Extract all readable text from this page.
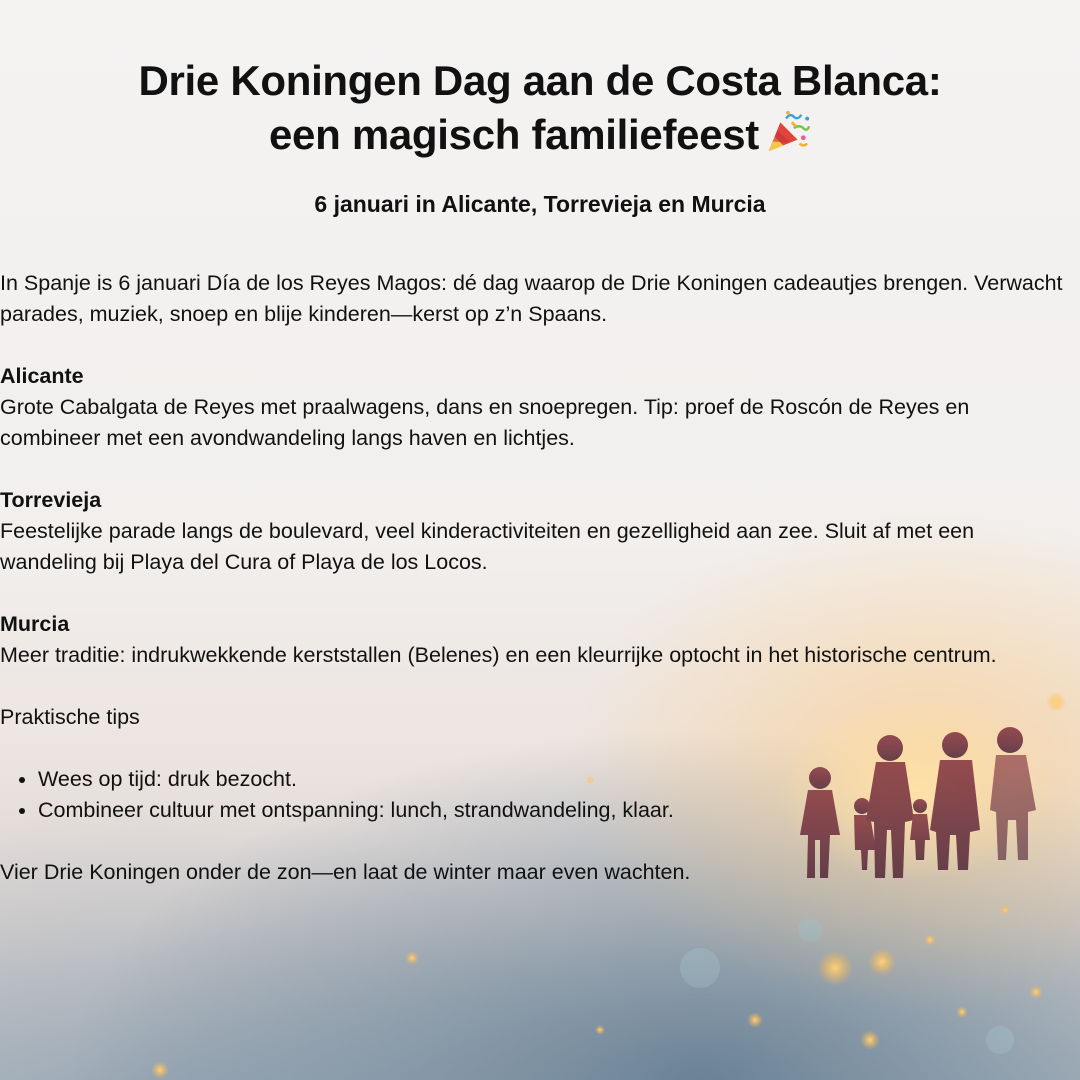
Drie Koningen Dag aan de Costa Blanca:
een magisch familiefeest

6 januari in Alicante, Torrevieja en Murcia

In Spanje is 6 januari Día de los Reyes Magos: dé dag waarop de Drie Koningen cadeautjes brengen. Verwacht parades, muziek, snoep en blije kinderen—kerst op z’n Spaans.

Alicante

Grote Cabalgata de Reyes met praalwagens, dans en snoepregen. Tip: proef de Roscón de Reyes en combineer met een avondwandeling langs haven en lichtjes.

Torrevieja

Feestelijke parade langs de boulevard, veel kinderactiviteiten en gezelligheid aan zee. Sluit af met een wandeling bij Playa del Cura of Playa de los Locos.

Murcia

Meer traditie: indrukwekkende kerststallen (Belenes) en een kleurrijke optocht in het historische centrum.

Praktische tips

• Wees op tijd: druk bezocht.
• Combineer cultuur met ontspanning: lunch, strandwandeling, klaar.

Vier Drie Koningen onder de zon—en laat de winter maar even wachten.
